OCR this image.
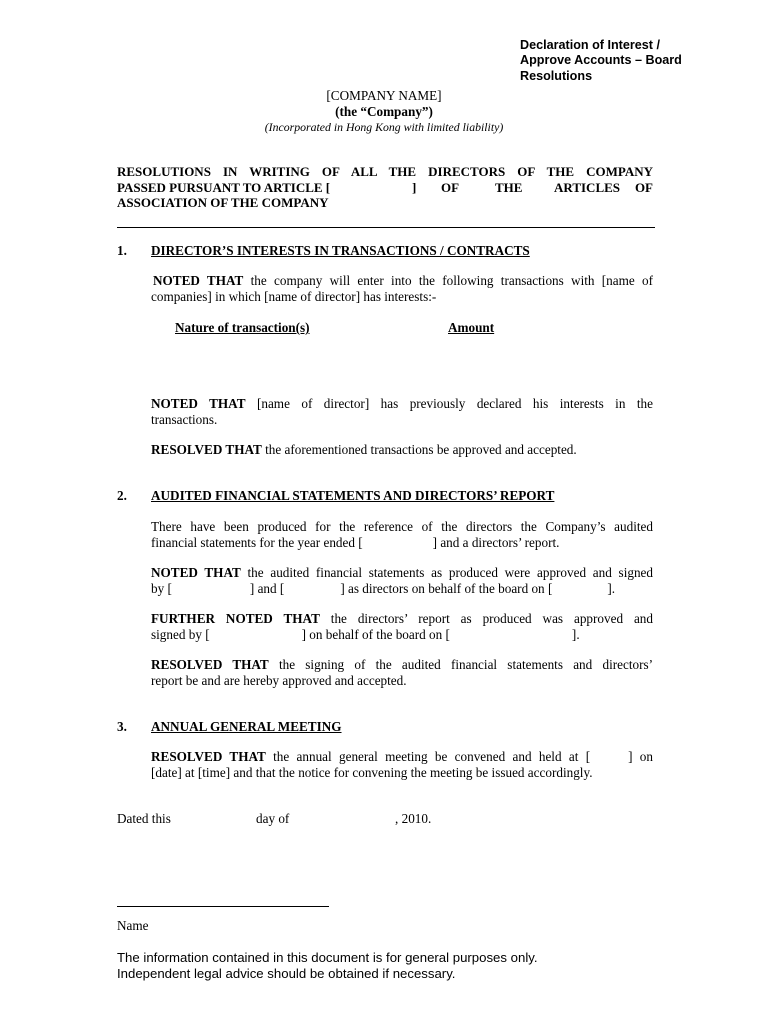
Declaration of Interest /
Approve Accounts – Board
Resolutions
[COMPANY NAME]
(the “Company”)
(Incorporated in Hong Kong with limited liability)
RESOLUTIONS IN WRITING OF ALL THE DIRECTORS OF THE COMPANY
PASSED PURSUANT TO ARTICLE [	] OF	THE ARTICLES OF
ASSOCIATION OF THE COMPANY
1. DIRECTOR’S INTERESTS IN TRANSACTIONS / CONTRACTS
NOTED THAT the company will enter into the following transactions with [name of
companies] in which [name of director] has interests:-
Nature of transaction(s)	Amount
NOTED THAT [name of director] has previously declared his interests in the
transactions.
RESOLVED THAT the aforementioned transactions be approved and accepted.
2. AUDITED FINANCIAL STATEMENTS AND DIRECTORS’ REPORT
There have been produced for the reference of the directors the Company’s audited
financial statements for the year ended [	] and a directors’ report.
NOTED THAT the audited financial statements as produced were approved and signed
by [	] and [	] as directors on behalf of the board on [	].
FURTHER NOTED THAT the directors’ report as produced was approved and
signed by [	] on behalf of the board on [	].
RESOLVED THAT the signing of the audited financial statements and directors’
report be and are hereby approved and accepted.
3. ANNUAL GENERAL MEETING
RESOLVED THAT the annual general meeting be convened and held at [	] on
[date] at [time] and that the notice for convening the meeting be issued accordingly.
Dated this	day of	, 2010.
Name
The information contained in this document is for general purposes only.
Independent legal advice should be obtained if necessary.
